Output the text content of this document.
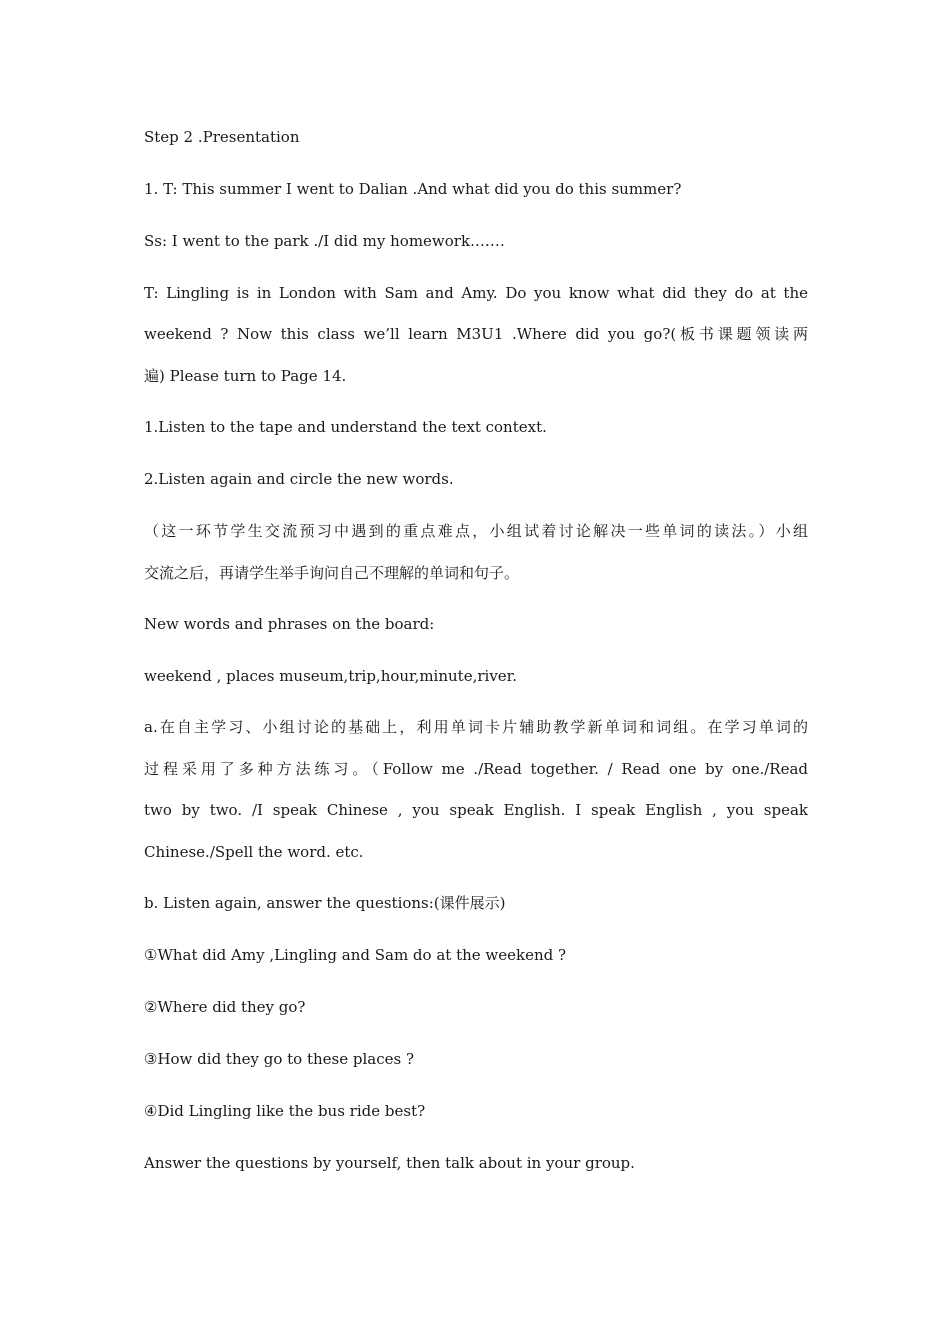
Step 2 .Presentation
1. T: This summer I went to Dalian .And what did you do this summer?
Ss: I went to the park ./I did my homework.……
T: Lingling is in London with Sam and Amy. Do you know what did they do at the
weekend ? Now this class we’ll learn M3U1 .Where did you go?(板书课题领读两
遍) Please turn to Page 14.
1.Listen to the tape and understand the text context.
2.Listen again and circle the new words.
（这一环节学生交流预习中遇到的重点难点，小组试着讨论解决一些单词的读法。）小组
交流之后，再请学生举手询问自己不理解的单词和句子。
New words and phrases on the board:
weekend , places museum,trip,hour,minute,river.
a.在自主学习、小组讨论的基础上，利用单词卡片辅助教学新单词和词组。在学习单词的
过程采用了多种方法练习。（Follow me ./Read together. / Read one by one./Read
two by two. /I speak Chinese , you speak English. I speak English , you speak
Chinese./Spell the word. etc.
b. Listen again, answer the questions:(课件展示)
①What did Amy ,Lingling and Sam do at the weekend ?
②Where did they go?
③How did they go to these places ?
④Did Lingling like the bus ride best?
Answer the questions by yourself, then talk about in your group.
